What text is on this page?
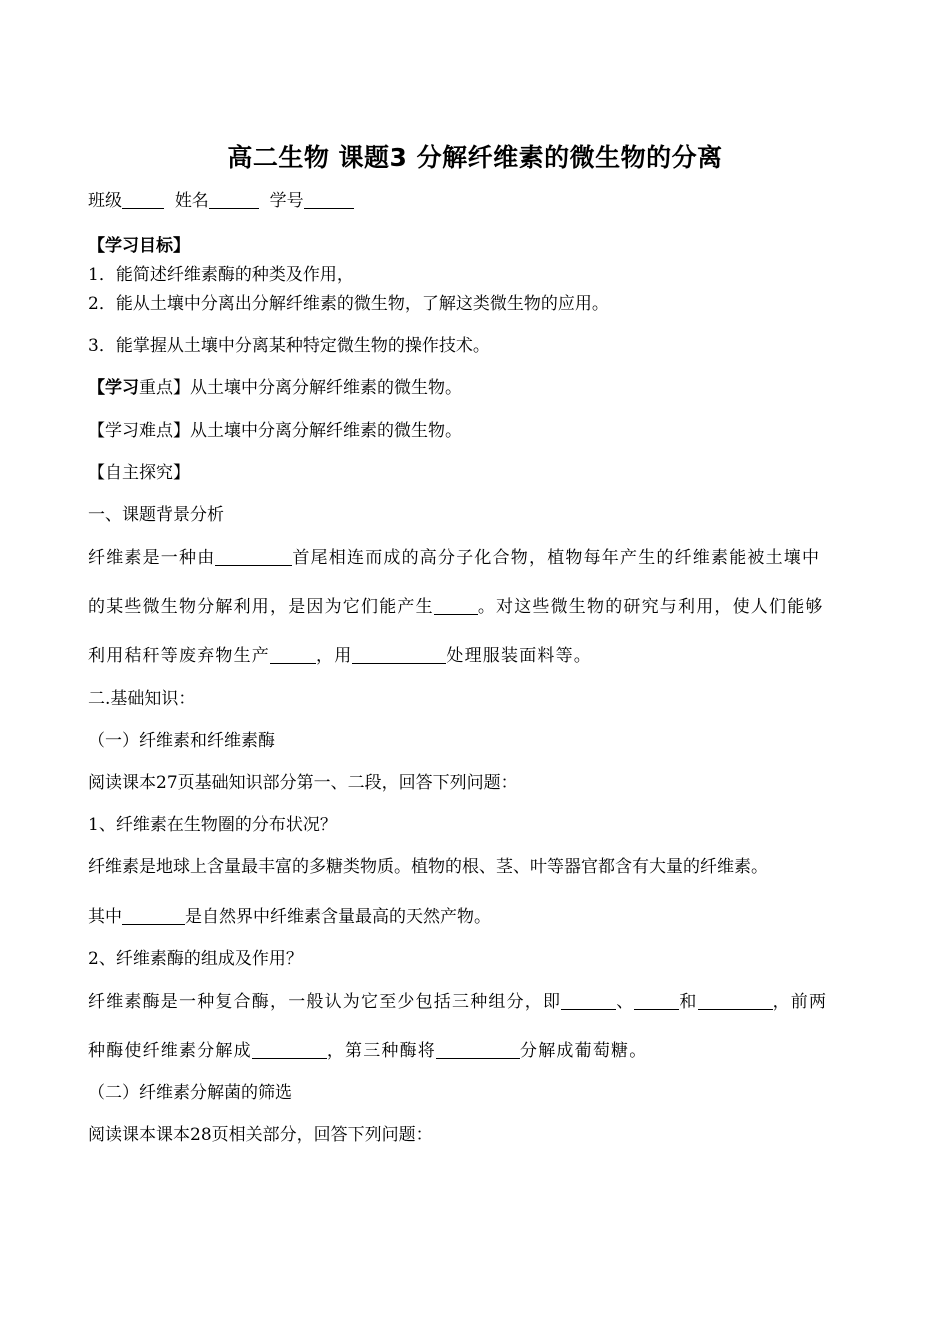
高二生物 课题3 分解纤维素的微生物的分离
班级	姓名	学号
【学习目标】
1．能简述纤维素酶的种类及作用，
2．能从土壤中分离出分解纤维素的微生物，了解这类微生物的应用。
3．能掌握从土壤中分离某种特定微生物的操作技术。
【学习重点】从土壤中分离分解纤维素的微生物。
【学习难点】从土壤中分离分解纤维素的微生物。
【自主探究】
一、课题背景分析
纤维素是一种由	首尾相连而成的高分子化合物，植物每年产生的纤维素能被土壤中
的某些微生物分解利用，是因为它们能产生	。对这些微生物的研究与利用，使人们能够
利用秸秆等废弃物生产	，用	处理服装面料等。
二.基础知识：
（一）纤维素和纤维素酶
阅读课本27页基础知识部分第一、二段，回答下列问题：
1、纤维素在生物圈的分布状况？
纤维素是地球上含量最丰富的多糖类物质。植物的根、茎、叶等器官都含有大量的纤维素。
其中	是自然界中纤维素含量最高的天然产物。
2、纤维素酶的组成及作用？
纤维素酶是一种复合酶，一般认为它至少包括三种组分，即	、	和	，前两
种酶使纤维素分解成	，第三种酶将	分解成葡萄糖。
（二）纤维素分解菌的筛选
阅读课本课本28页相关部分，回答下列问题：
